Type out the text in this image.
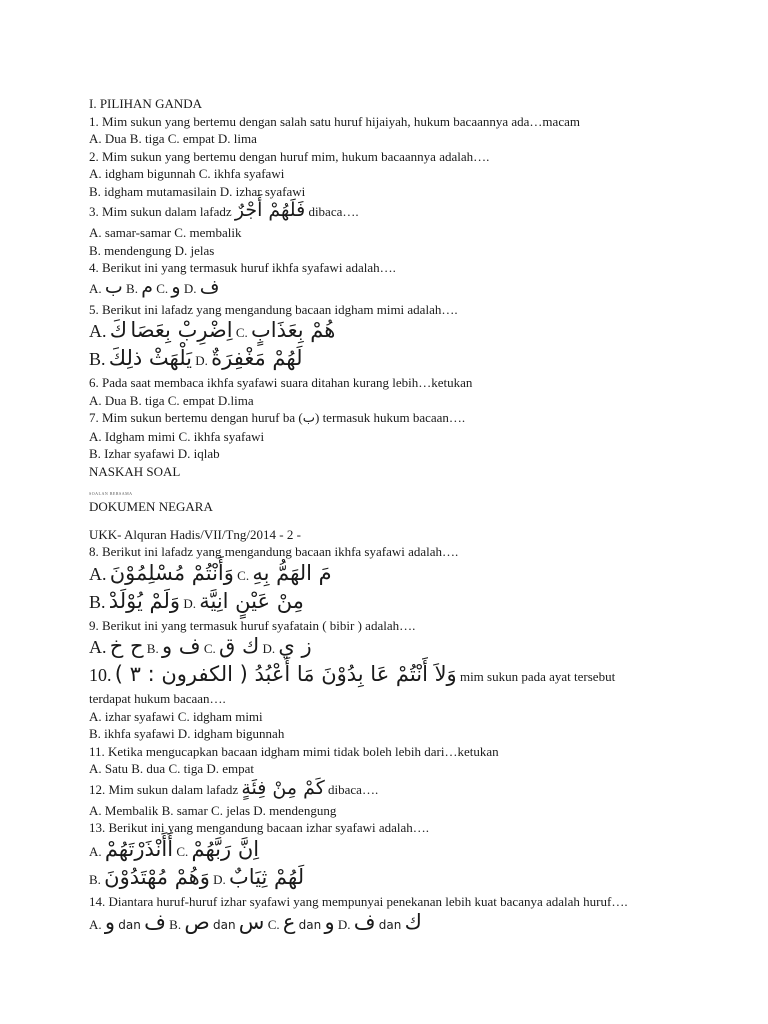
I. PILIHAN GANDA
1. Mim sukun yang bertemu dengan salah satu huruf hijaiyah, hukum bacaannya ada…macam
A. Dua B. tiga C. empat D. lima
2. Mim sukun yang bertemu dengan huruf mim, hukum bacaannya adalah….
A. idgham bigunnah C. ikhfa syafawi
B. idgham mutamasilain D. izhar syafawi
3. Mim sukun dalam lafadz فَلَهُمْ أَجْرٌ dibaca….
A. samar-samar C. membalik
B. mendengung D. jelas
4. Berikut ini yang termasuk huruf ikhfa syafawi adalah….
A. ب B. م C. و D. ف
5. Berikut ini lafadz yang mengandung bacaan idgham mimi adalah….
A. كَ اِضْرِبْ بِعَصَا C. هُمْ بِعَذَابٍ
B. يَلْهَثْ ذلِكَ D. لَهُمْ مَغْفِرَةٌ
6. Pada saat membaca ikhfa syafawi suara ditahan kurang lebih…ketukan
A. Dua B. tiga C. empat D.lima
7. Mim sukun bertemu dengan huruf ba (ب) termasuk hukum bacaan….
A. Idgham mimi C. ikhfa syafawi
B. Izhar syafawi D. iqlab
NASKAH SOAL
SOALAN BERSAMA
DOKUMEN NEGARA
UKK- Alquran Hadis/VII/Tng/2014 - 2 -
8. Berikut ini lafadz yang mengandung bacaan ikhfa syafawi adalah….
A. وَأَنْتُمْ مُسْلِمُوْنَ C. مَ الهَمُّ بِهِ
B. وَلَمْ يُوْلَدْ D. مِنْ عَيْنٍ انِيَّة
9. Berikut ini yang termasuk huruf syafatain ( bibir ) adalah….
A. ح خ B. ف و C. ك ق D. ز ي
10. وَلاَ أَنْتُمْ عَا بِدُوْنَ مَا أَعْبُدُ ( الكفرون : ٣ ) mim sukun pada ayat tersebut
terdapat hukum bacaan….
A. izhar syafawi C. idgham mimi
B. ikhfa syafawi D. idgham bigunnah
11. Ketika mengucapkan bacaan idgham mimi tidak boleh lebih dari…ketukan
A. Satu B. dua C. tiga D. empat
12. Mim sukun dalam lafadz كَمْ مِنْ فِئَةٍ dibaca….
A. Membalik B. samar C. jelas D. mendengung
13. Berikut ini yang mengandung bacaan izhar syafawi adalah….
A. أَأَنْذَرْتَهُمْ C. اِنَّ رَبَّهُمْ
B. وَهُمْ مُهْتَدُوْنَ D. لَهُمْ ثِيَابٌ
14. Diantara huruf-huruf izhar syafawi yang mempunyai penekanan lebih kuat bacanya adalah huruf….
A. و dan ف B. ص dan س C. ع dan و D. ف dan ك
